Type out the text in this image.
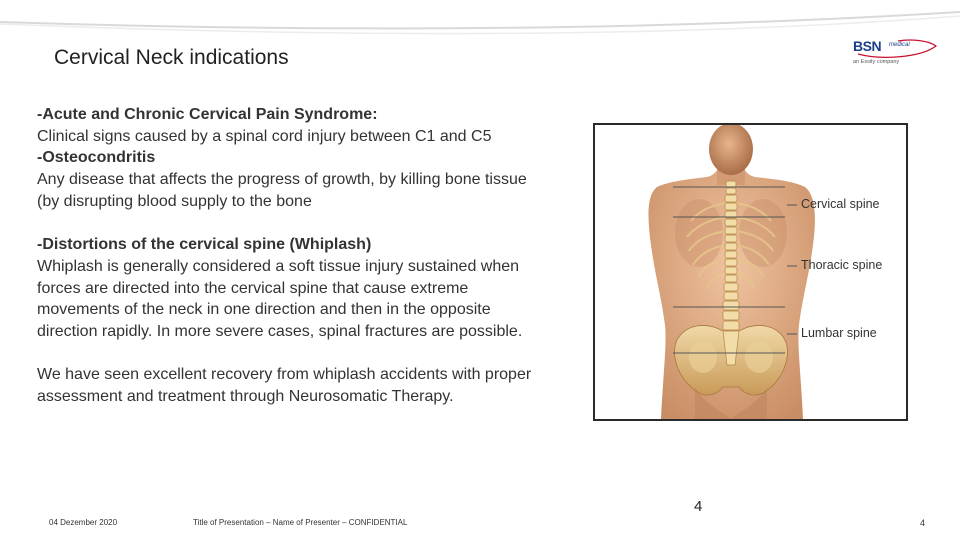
Cervical Neck indications	BSN medical
an Essity company

-Acute and Chronic Cervical Pain Syndrome:

Clinical signs caused by a spinal cord injury between C1 and C5

-Osteocondritis

Any disease that affects the progress of growth, by killing bone tissue (by disrupting blood supply to the bone

-Distortions of the cervical spine (Whiplash)

Whiplash is generally considered a soft tissue injury sustained when forces are directed into the cervical spine that cause extreme movements of the neck in one direction and then in the opposite direction rapidly. In more severe cases, spinal fractures are possible.

We have seen excellent recovery from whiplash accidents with proper assessment and treatment through Neurosomatic Therapy.

Cervical spine
Thoracic spine
Lumbar spine
4
04 Dezember 2020	Title of Presentation – Name of Presenter – CONFIDENTIAL	4
